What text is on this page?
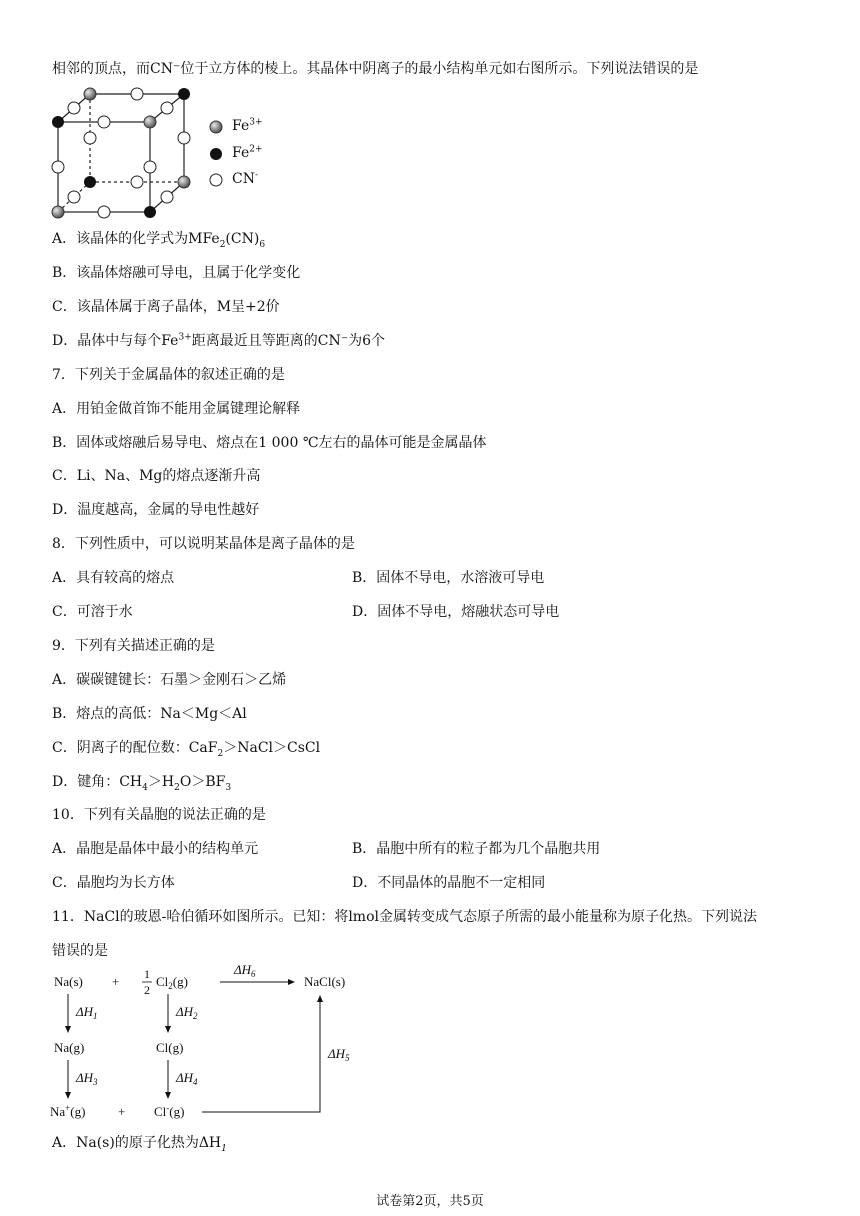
相邻的顶点，而CN⁻位于立方体的棱上。其晶体中阴离子的最小结构单元如右图所示。下列说法错误的是
$Fe^{3+}$
$Fe^{2+}$
CN-
A．该晶体的化学式为$MFe_2(CN)_6$
B．该晶体熔融可导电，且属于化学变化
C．该晶体属于离子晶体，M呈+2价
D．晶体中与每个$Fe^{3+}$距离最近且等距离的CN⁻为6个
7．下列关于金属晶体的叙述正确的是
A．用铂金做首饰不能用金属键理论解释
B．固体或熔融后易导电、熔点在1 000 ℃左右的晶体可能是金属晶体
C．Li、Na、Mg的熔点逐渐升高
D．温度越高，金属的导电性越好
8．下列性质中，可以说明某晶体是离子晶体的是
A．具有较高的熔点	B．固体不导电，水溶液可导电
C．可溶于水	D．固体不导电，熔融状态可导电
9．下列有关描述正确的是
A．碳碳键键长：石墨＞金刚石＞乙烯
B．熔点的高低：Na＜Mg＜Al
C．阴离子的配位数：CaF$_2$＞NaCl＞CsCl
D．键角：$CH_4>H_2O>BF_3$
10．下列有关晶胞的说法正确的是
A．晶胞是晶体中最小的结构单元	B．晶胞中所有的粒子都为几个晶胞共用
C．晶胞均为长方体	D．不同晶体的晶胞不一定相同
11．NaCl的玻恩-哈伯循环如图所示。已知：将lmol金属转变成气态原子所需的最小能量称为原子化热。下列说法
错误的是
Na(s) + 1
2
$Cl_2(g)$
$\Delta H_6$	NaCl(s)
$\Delta H_1$	$\Delta H_2$
Na(g)	Cl(g)
$\Delta H_3$	$\Delta H_4$
Na+(g)	+ Cl-(g)
$\Delta H_5$
A．Na(s)的原子化热为$\Delta H_1$
试卷第2页，共5页
